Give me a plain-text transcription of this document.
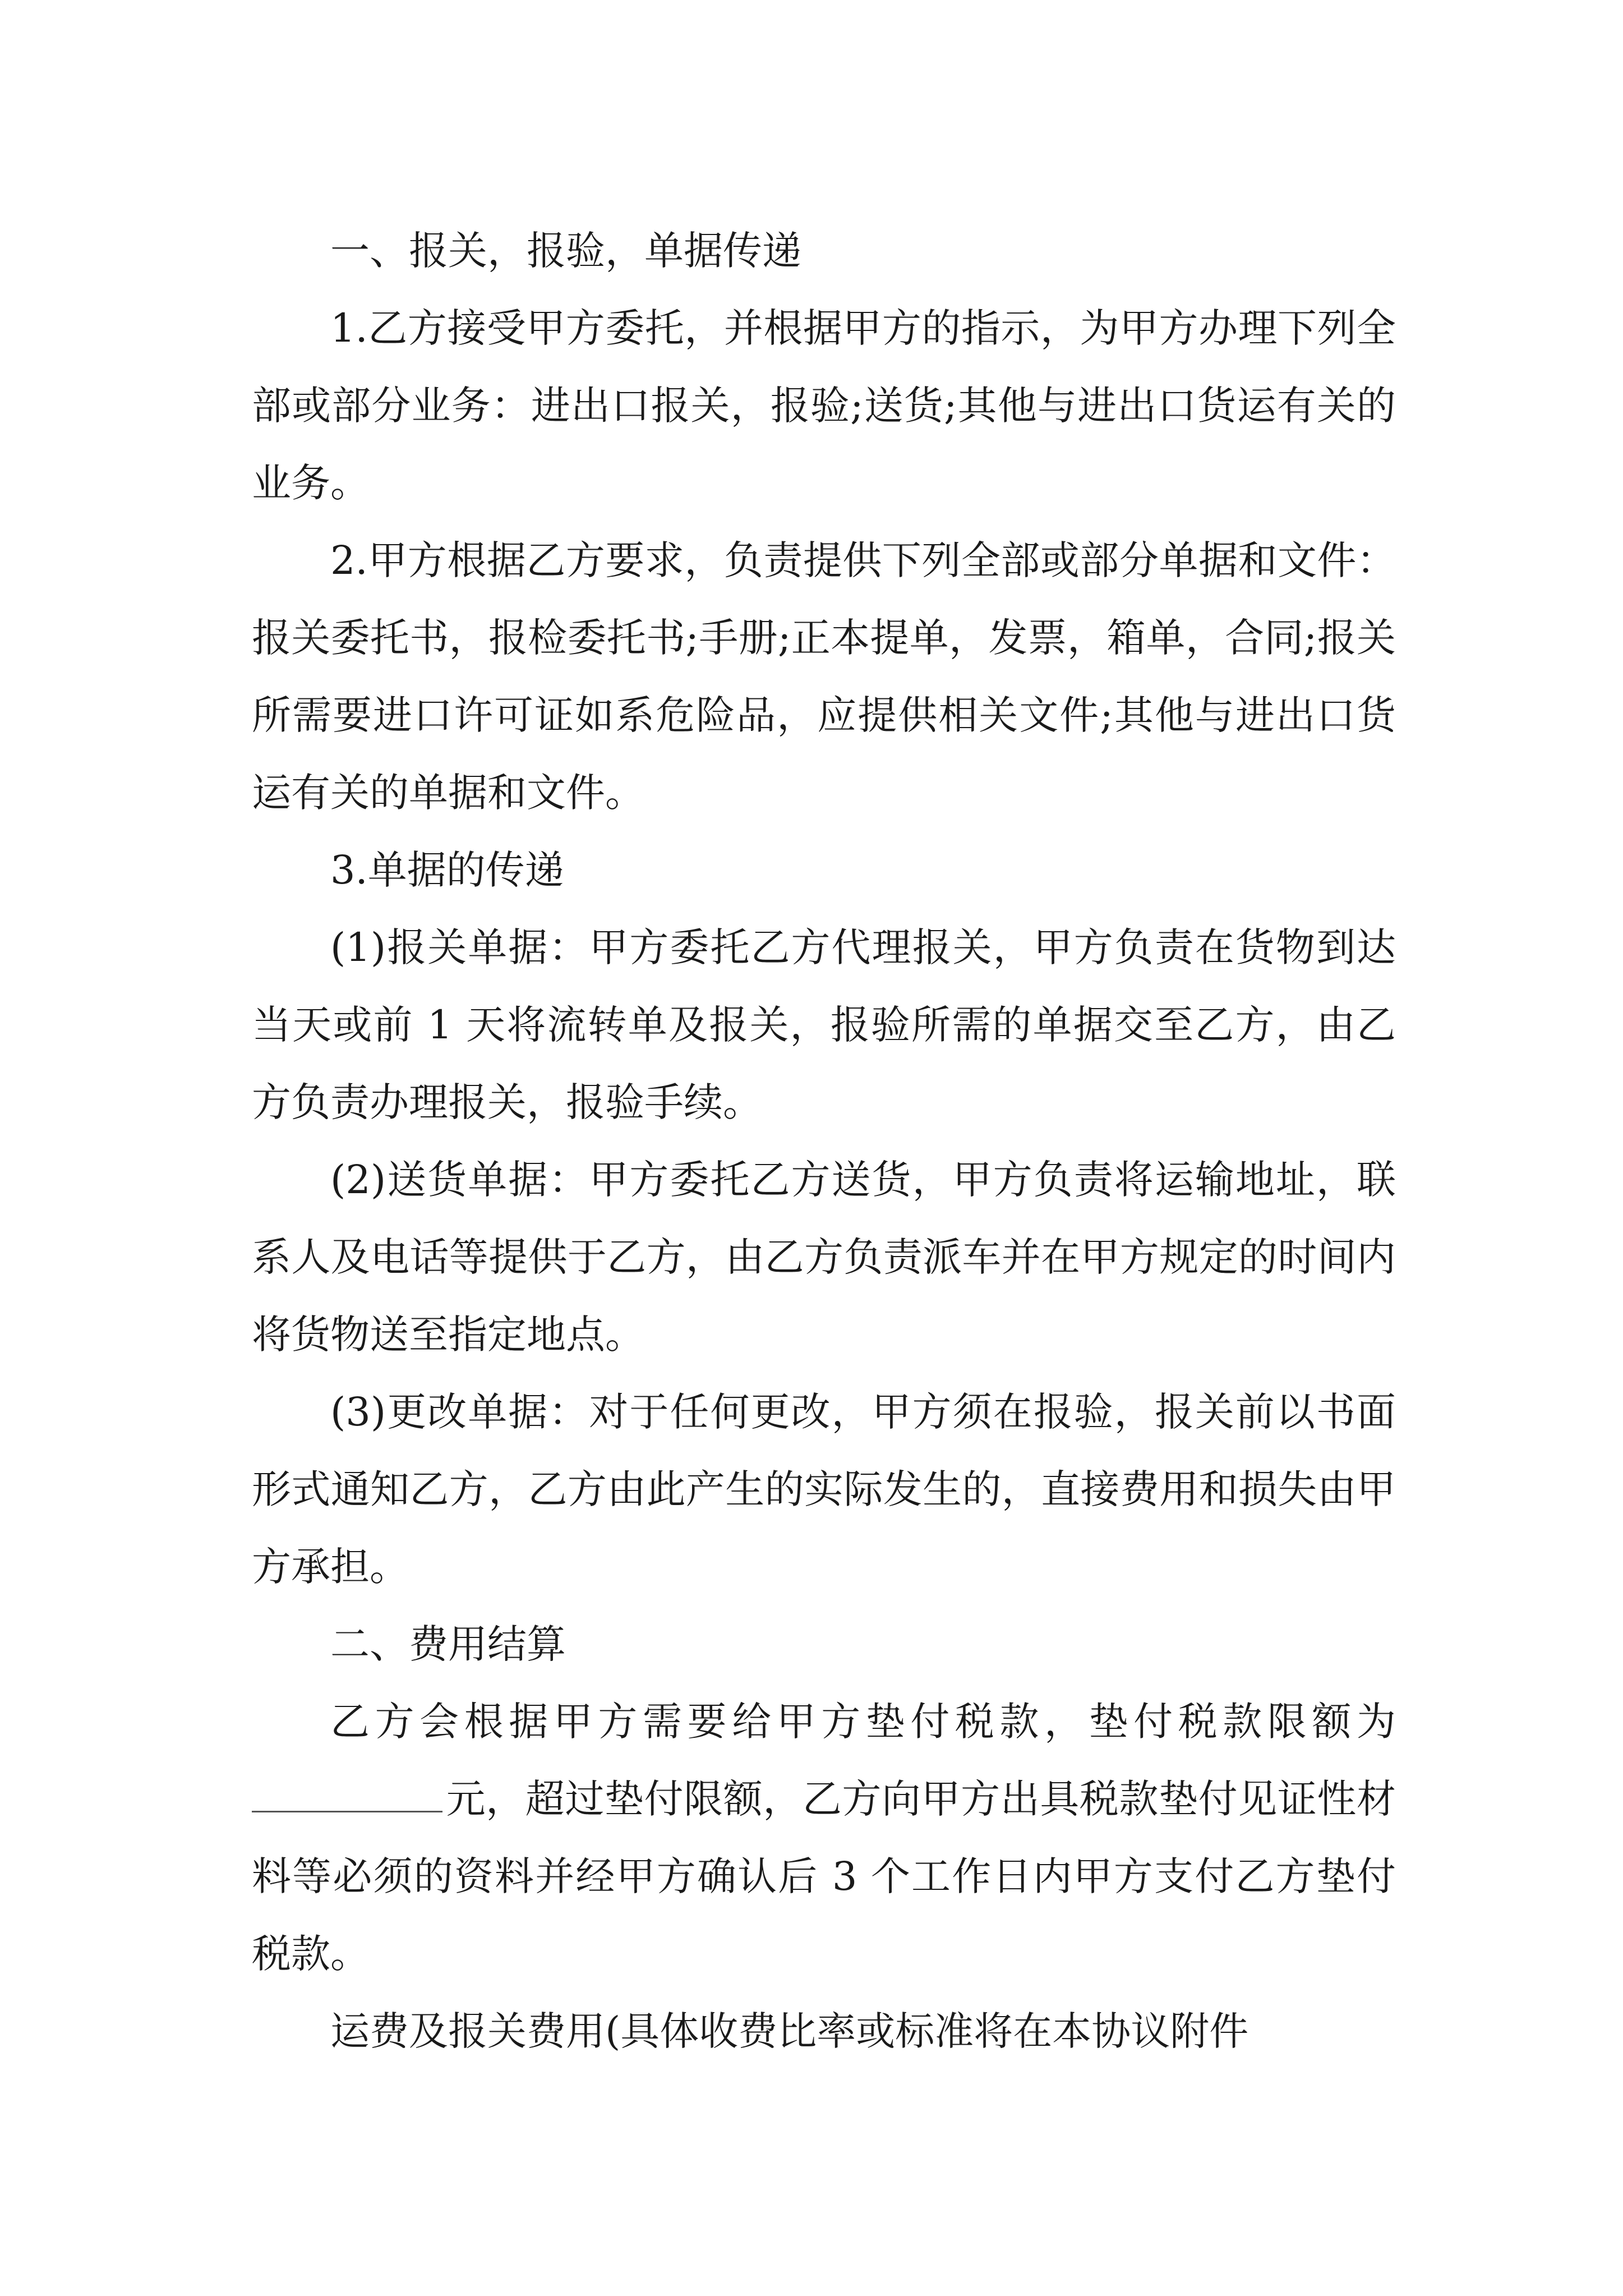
一、报关，报验，单据传递

1.乙方接受甲方委托，并根据甲方的指示，为甲方办理下列全部或部分业务：进出口报关，报验;送货;其他与进出口货运有关的业务。

2.甲方根据乙方要求，负责提供下列全部或部分单据和文件：报关委托书，报检委托书;手册;正本提单，发票，箱单，合同;报关所需要进口许可证如系危险品，应提供相关文件;其他与进出口货运有关的单据和文件。

3.单据的传递

(1)报关单据：甲方委托乙方代理报关，甲方负责在货物到达当天或前 1 天将流转单及报关，报验所需的单据交至乙方，由乙方负责办理报关，报验手续。

(2)送货单据：甲方委托乙方送货，甲方负责将运输地址，联系人及电话等提供于乙方，由乙方负责派车并在甲方规定的时间内将货物送至指定地点。

(3)更改单据：对于任何更改，甲方须在报验，报关前以书面形式通知乙方，乙方由此产生的实际发生的，直接费用和损失由甲方承担。

二、费用结算

乙方会根据甲方需要给甲方垫付税款，垫付税款限额为元，超过垫付限额，乙方向甲方出具税款垫付见证性材料等必须的资料并经甲方确认后 3 个工作日内甲方支付乙方垫付税款。

运费及报关费用(具体收费比率或标准将在本协议附件
